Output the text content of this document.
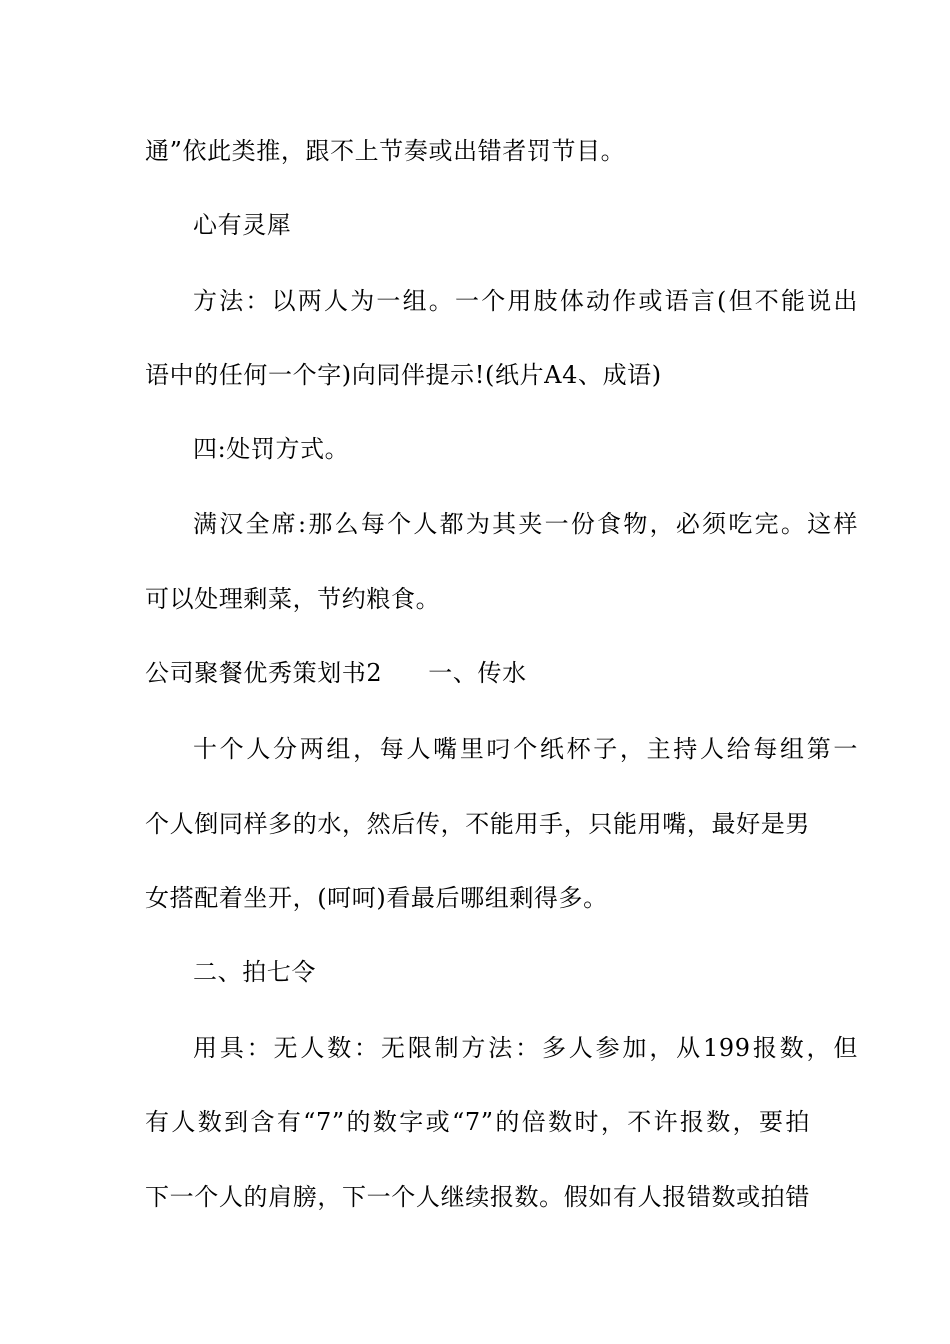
通”依此类推，跟不上节奏或出错者罚节目。
心有灵犀
方法：以两人为一组。一个用肢体动作或语言(但不能说出
语中的任何一个字)向同伴提示!(纸片A4、成语)
四:处罚方式。
满汉全席:那么每个人都为其夹一份食物，必须吃完。这样
可以处理剩菜，节约粮食。
公司聚餐优秀策划书2 一、传水
十个人分两组，每人嘴里叼个纸杯子，主持人给每组第一
个人倒同样多的水，然后传，不能用手，只能用嘴，最好是男
女搭配着坐开，(呵呵)看最后哪组剩得多。
二、拍七令
用具：无人数：无限制方法：多人参加，从199报数，但
有人数到含有“7”的数字或“7”的倍数时，不许报数，要拍
下一个人的肩膀，下一个人继续报数。假如有人报错数或拍错
